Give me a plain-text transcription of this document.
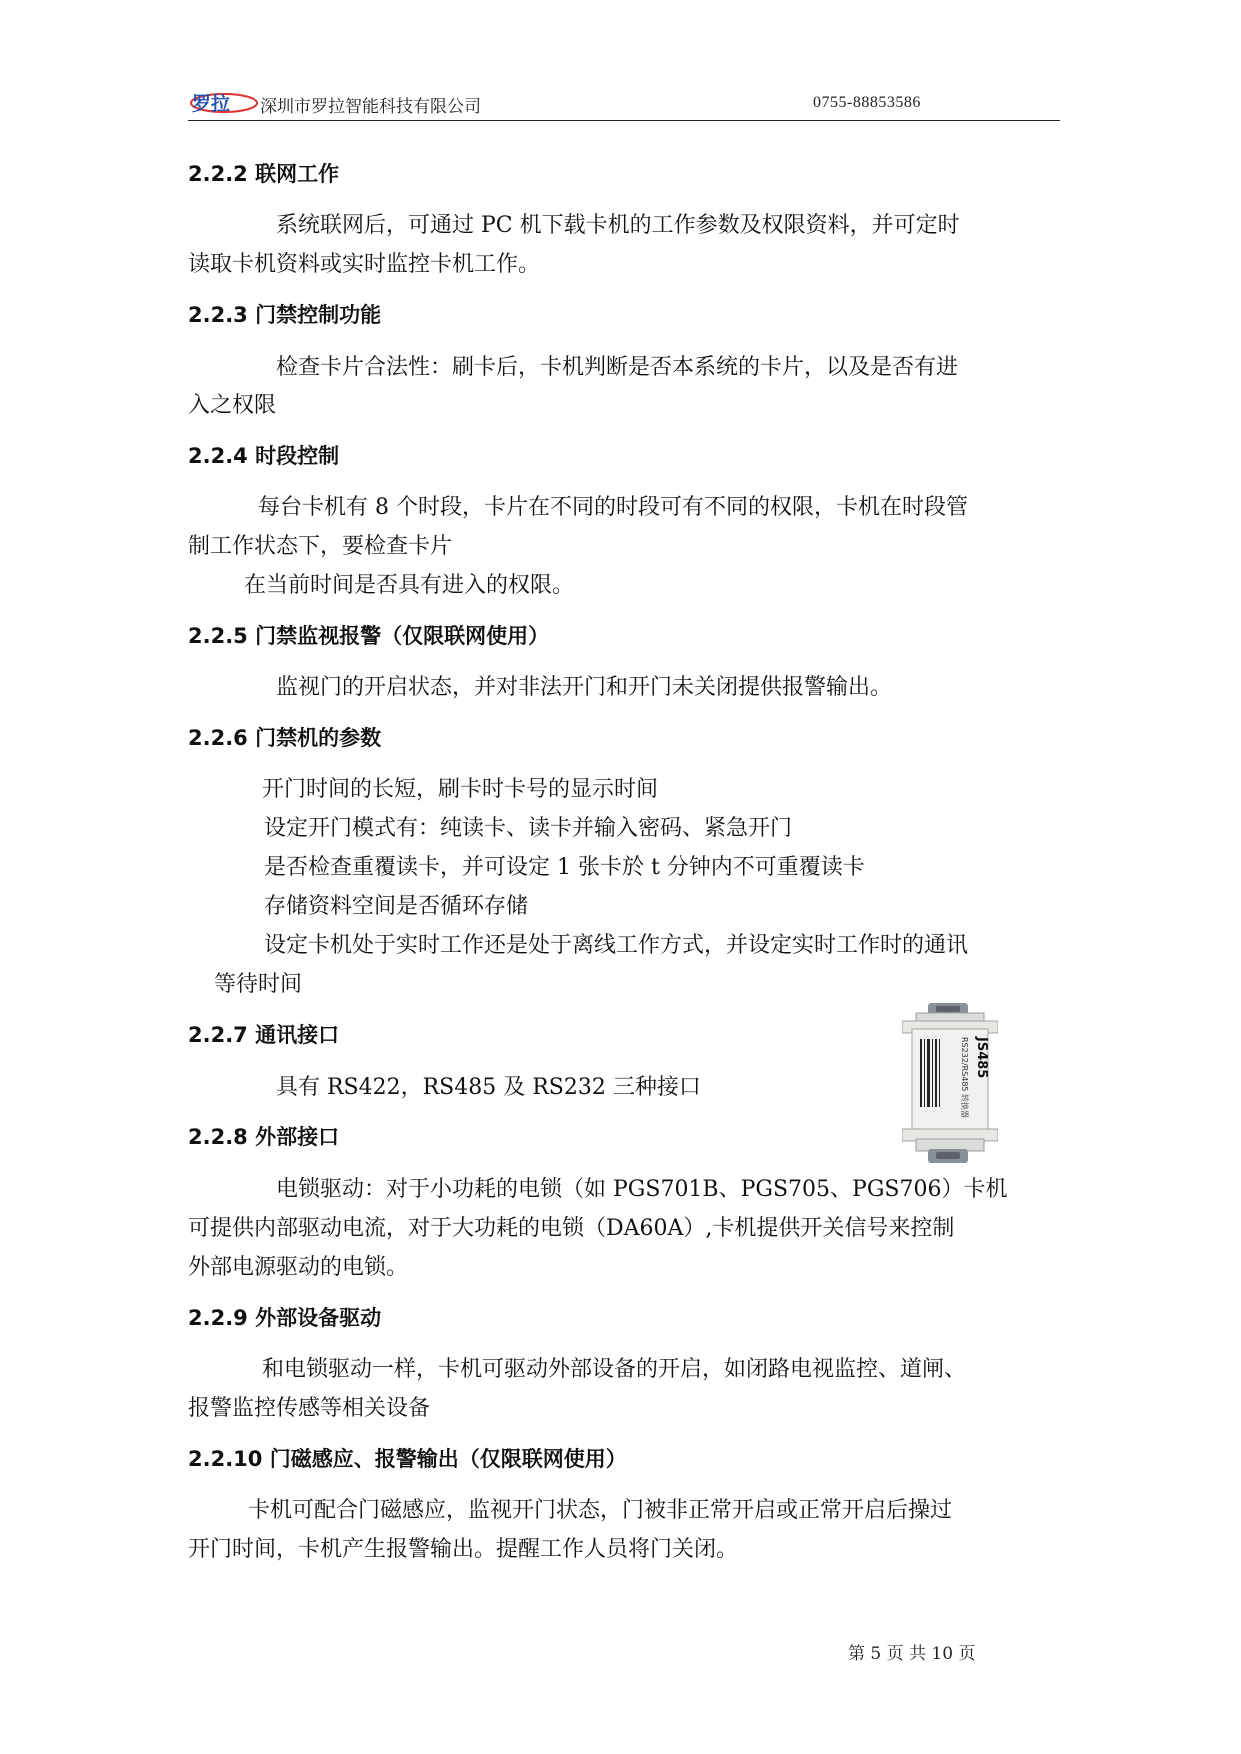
罗拉 深圳市罗拉智能科技有限公司	0755-88853586
2.2.2 联网工作
系统联网后，可通过 PC 机下载卡机的工作参数及权限资料，并可定时
读取卡机资料或实时监控卡机工作。
2.2.3 门禁控制功能
检查卡片合法性：刷卡后，卡机判断是否本系统的卡片，以及是否有进
入之权限
2.2.4 时段控制
每台卡机有 8 个时段，卡片在不同的时段可有不同的权限，卡机在时段管
制工作状态下，要检查卡片
在当前时间是否具有进入的权限。
2.2.5 门禁监视报警（仅限联网使用）
监视门的开启状态，并对非法开门和开门未关闭提供报警输出。
2.2.6 门禁机的参数
开门时间的长短，刷卡时卡号的显示时间
设定开门模式有：纯读卡、读卡并输入密码、紧急开门
是否检查重覆读卡，并可设定 1 张卡於 t 分钟内不可重覆读卡
存储资料空间是否循环存储
设定卡机处于实时工作还是处于离线工作方式，并设定实时工作时的通讯
等待时间
2.2.7 通讯接口
具有 RS422，RS485 及 RS232 三种接口
JS485
RS232/RS485 转换器
2.2.8 外部接口
电锁驱动：对于小功耗的电锁（如 PGS701B、PGS705、PGS706）卡机
可提供内部驱动电流，对于大功耗的电锁（DA60A）,卡机提供开关信号来控制
外部电源驱动的电锁。
2.2.9 外部设备驱动
和电锁驱动一样，卡机可驱动外部设备的开启，如闭路电视监控、道闸、
报警监控传感等相关设备
2.2.10 门磁感应、报警输出（仅限联网使用）
卡机可配合门磁感应，监视开门状态，门被非正常开启或正常开启后操过
开门时间，卡机产生报警输出。提醒工作人员将门关闭。
第 5 页 共 10 页
